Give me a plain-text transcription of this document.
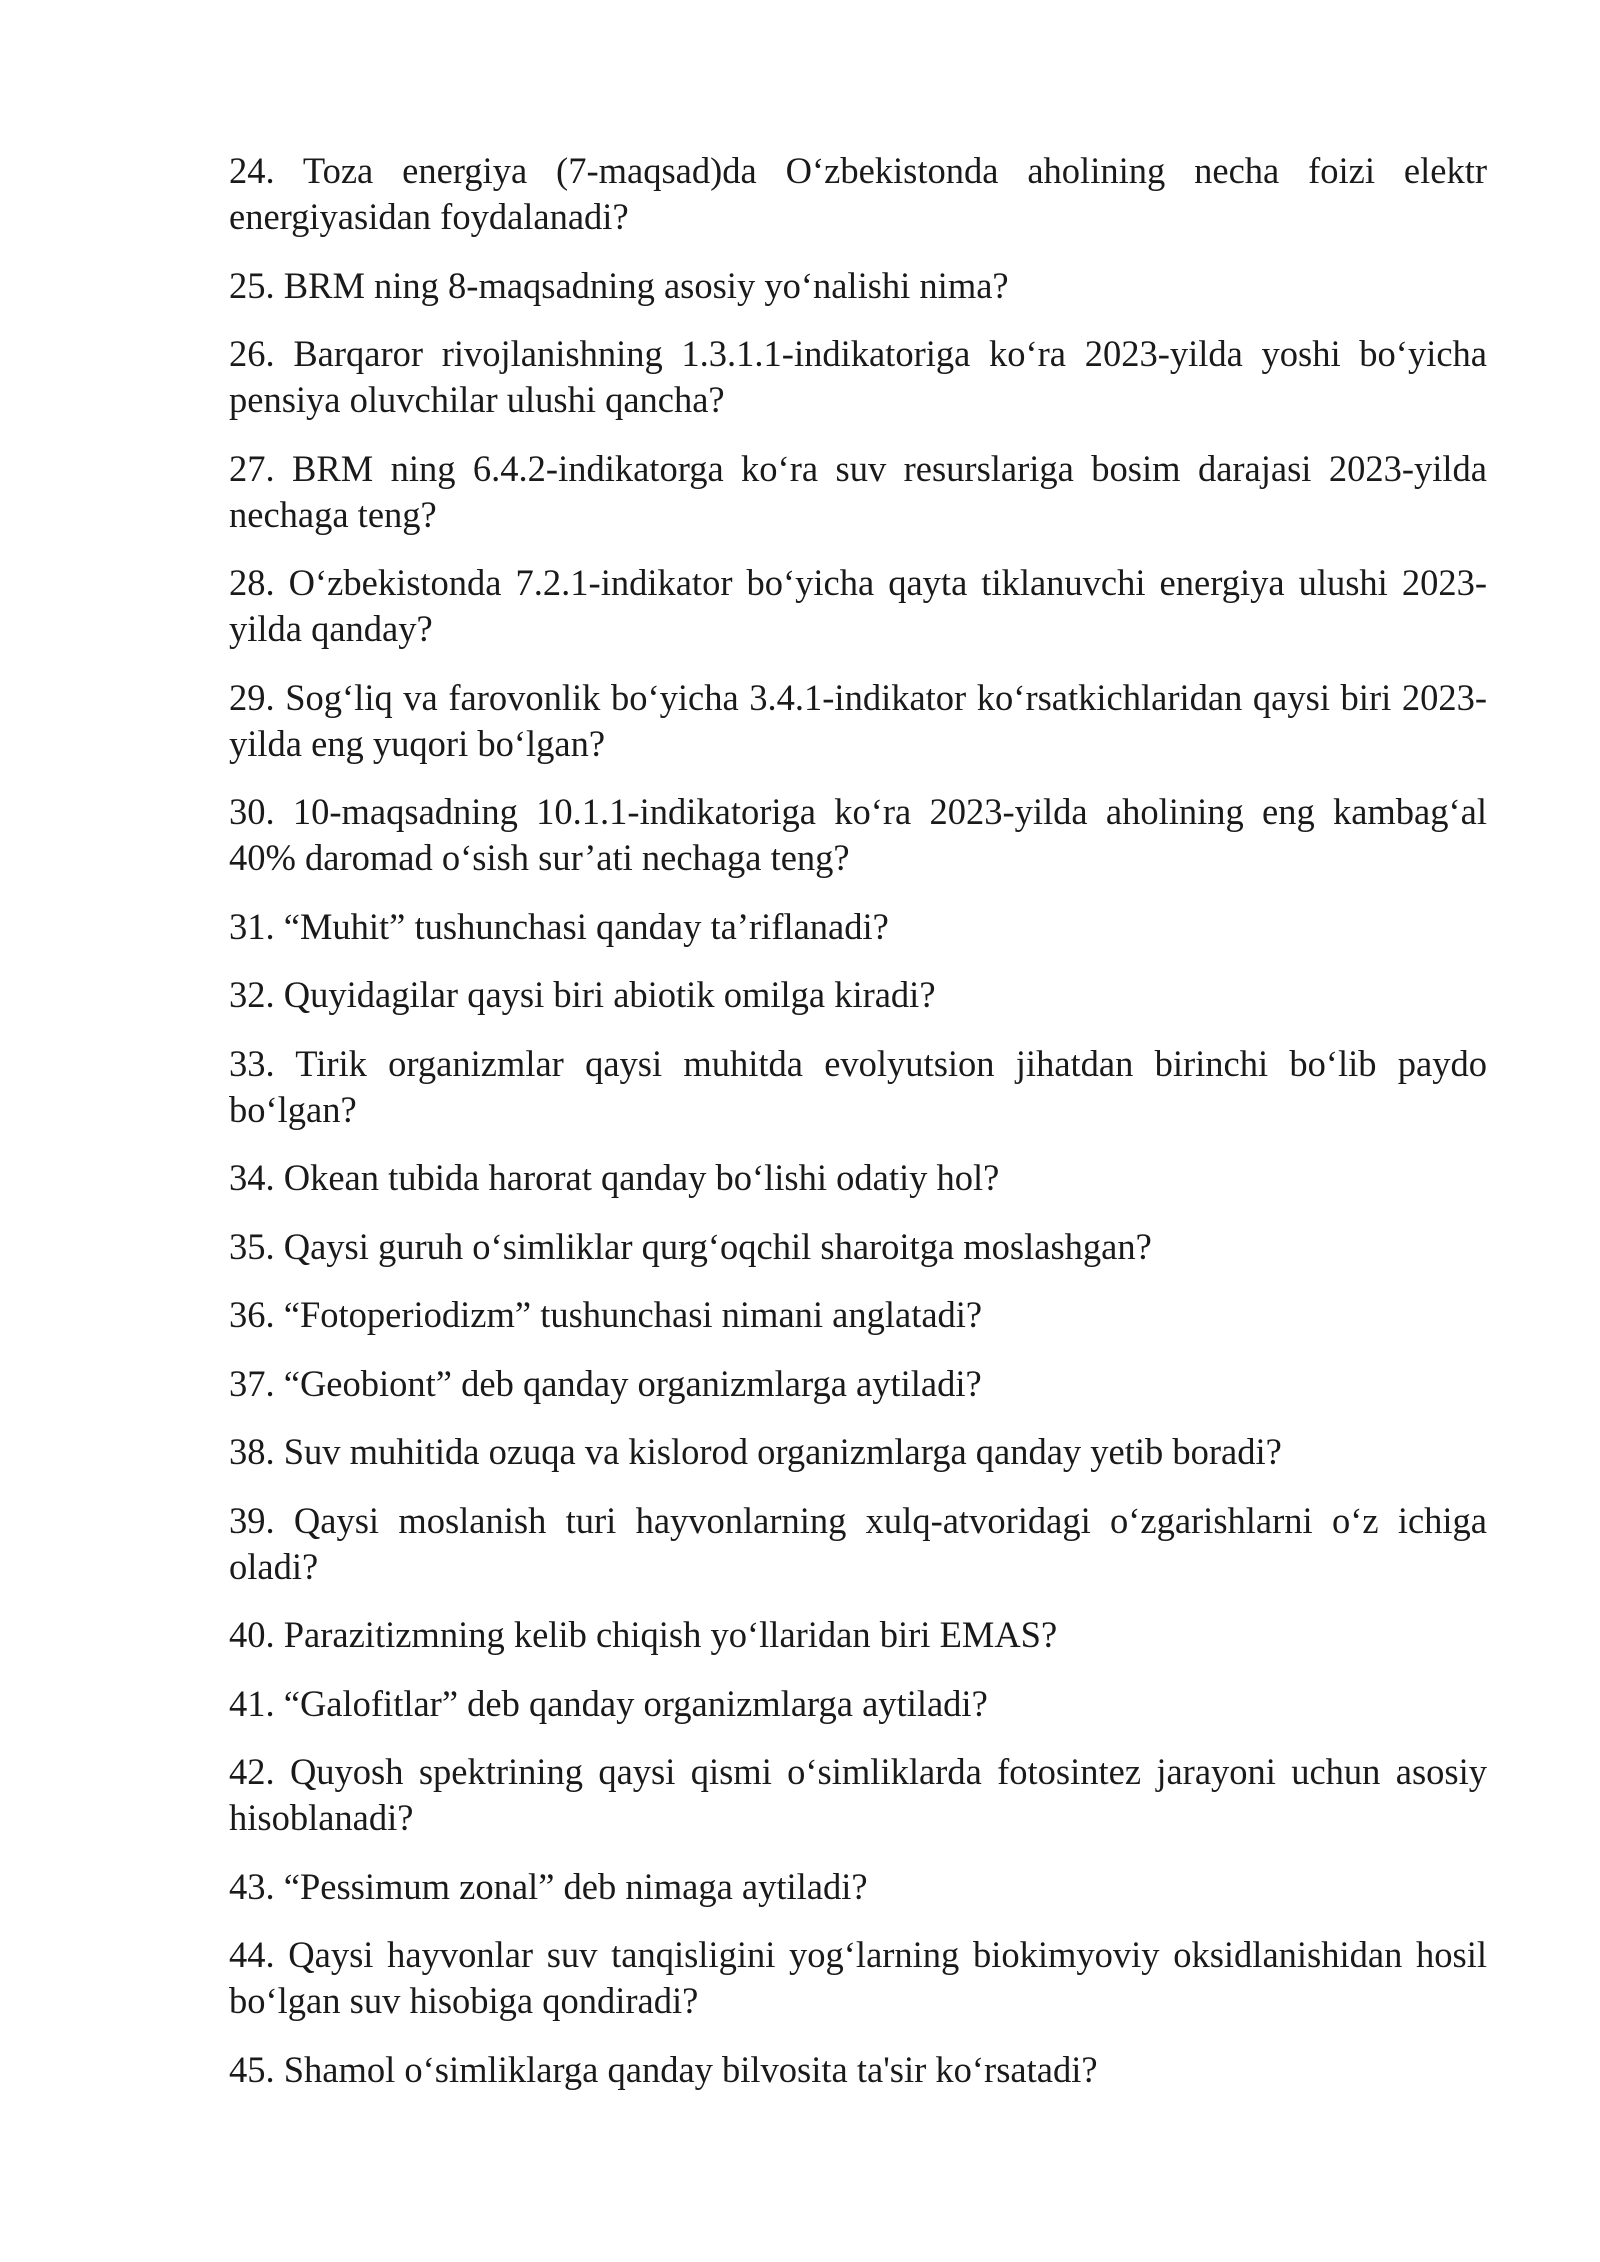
24. Toza energiya (7-maqsad)da O‘zbekistonda aholining necha foizi elektr energiyasidan foydalanadi?

25. BRM ning 8-maqsadning asosiy yo‘nalishi nima?

26. Barqaror rivojlanishning 1.3.1.1-indikatoriga ko‘ra 2023-yilda yoshi bo‘yicha pensiya oluvchilar ulushi qancha?

27. BRM ning 6.4.2-indikatorga ko‘ra suv resurslariga bosim darajasi 2023-yilda nechaga teng?

28. O‘zbekistonda 7.2.1-indikator bo‘yicha qayta tiklanuvchi energiya ulushi 2023-yilda qanday?

29. Sog‘liq va farovonlik bo‘yicha 3.4.1-indikator ko‘rsatkichlaridan qaysi biri 2023-yilda eng yuqori bo‘lgan?

30. 10-maqsadning 10.1.1-indikatoriga ko‘ra 2023-yilda aholining eng kambag‘al 40% daromad o‘sish sur’ati nechaga teng?

31. “Muhit” tushunchasi qanday ta’riflanadi?

32. Quyidagilar qaysi biri abiotik omilga kiradi?

33. Tirik organizmlar qaysi muhitda evolyutsion jihatdan birinchi bo‘lib paydo bo‘lgan?

34. Okean tubida harorat qanday bo‘lishi odatiy hol?

35. Qaysi guruh o‘simliklar qurg‘oqchil sharoitga moslashgan?

36. “Fotoperiodizm” tushunchasi nimani anglatadi?

37. “Geobiont” deb qanday organizmlarga aytiladi?

38. Suv muhitida ozuqa va kislorod organizmlarga qanday yetib boradi?

39. Qaysi moslanish turi hayvonlarning xulq-atvoridagi o‘zgarishlarni o‘z ichiga oladi?

40. Parazitizmning kelib chiqish yo‘llaridan biri EMAS?

41. “Galofitlar” deb qanday organizmlarga aytiladi?

42. Quyosh spektrining qaysi qismi o‘simliklarda fotosintez jarayoni uchun asosiy hisoblanadi?

43. “Pessimum zonal” deb nimaga aytiladi?

44. Qaysi hayvonlar suv tanqisligini yog‘larning biokimyoviy oksidlanishidan hosil bo‘lgan suv hisobiga qondiradi?

45. Shamol o‘simliklarga qanday bilvosita ta'sir ko‘rsatadi?
